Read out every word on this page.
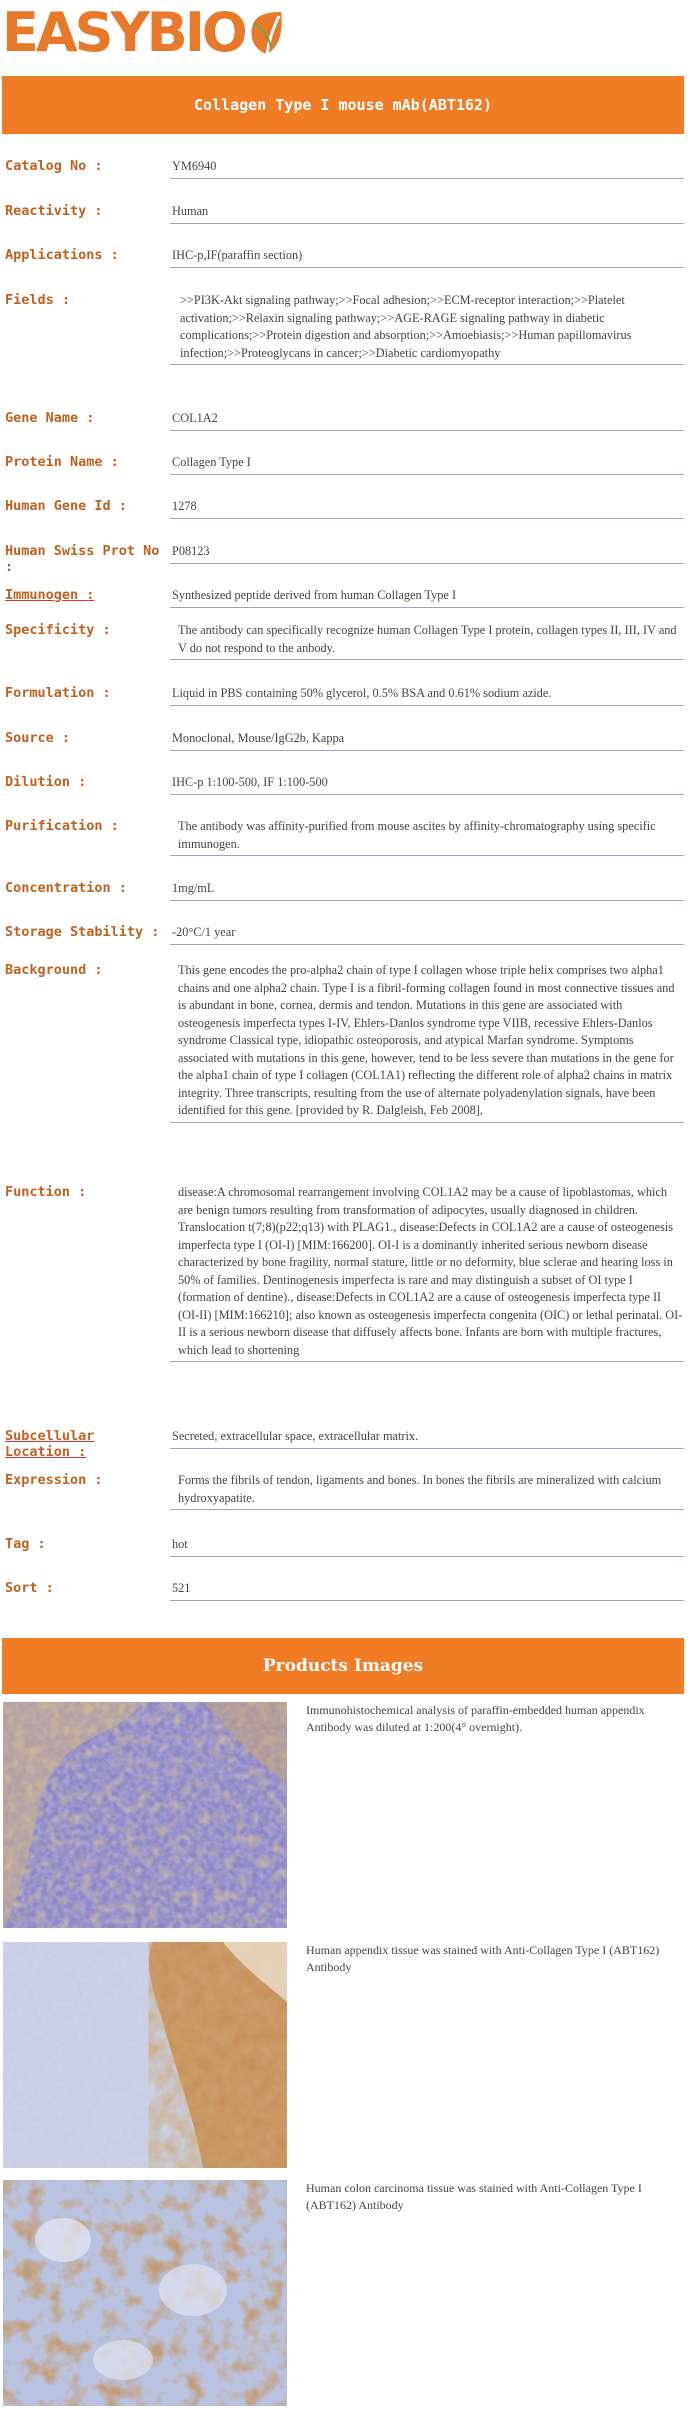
EASYBIO
Collagen Type I mouse mAb(ABT162)
Catalog No :	YM6940
Reactivity :	Human
Applications :	IHC-p,IF(paraffin section)
Fields :	>>PI3K-Akt signaling pathway;>>Focal adhesion;>>ECM-receptor interaction;>>Platelet activation;>>Relaxin signaling pathway;>>AGE-RAGE signaling pathway in diabetic complications;>>Protein digestion and absorption;>>Amoebiasis;>>Human papillomavirus infection;>>Proteoglycans in cancer;>>Diabetic cardiomyopathy
Gene Name :	COL1A2
Protein Name :	Collagen Type I
Human Gene Id :	1278
Human Swiss Prot No :
P08123
Immunogen :	Synthesized peptide derived from human Collagen Type I
Specificity :	The antibody can specifically recognize human Collagen Type I protein, collagen types II, III, IV and V do not respond to the anbody.
Formulation :	Liquid in PBS containing 50% glycerol, 0.5% BSA and 0.61% sodium azide.
Source :	Monoclonal, Mouse/IgG2b, Kappa
Dilution :	IHC-p 1:100-500, IF 1:100-500
Purification :	The antibody was affinity-purified from mouse ascites by affinity-chromatography using specific immunogen.
Concentration :	1mg/mL
Storage Stability :	-20°C/1 year
Background :	This gene encodes the pro-alpha2 chain of type I collagen whose triple helix comprises two alpha1 chains and one alpha2 chain. Type I is a fibril-forming collagen found in most connective tissues and is abundant in bone, cornea, dermis and tendon. Mutations in this gene are associated with osteogenesis imperfecta types I-IV, Ehlers-Danlos syndrome type VIIB, recessive Ehlers-Danlos syndrome Classical type, idiopathic osteoporosis, and atypical Marfan syndrome. Symptoms associated with mutations in this gene, however, tend to be less severe than mutations in the gene for the alpha1 chain of type I collagen (COL1A1) reflecting the different role of alpha2 chains in matrix integrity. Three transcripts, resulting from the use of alternate polyadenylation signals, have been identified for this gene. [provided by R. Dalgleish, Feb 2008],
Function :	disease:A chromosomal rearrangement involving COL1A2 may be a cause of lipoblastomas, which are benign tumors resulting from transformation of adipocytes, usually diagnosed in children. Translocation t(7;8)(p22;q13) with PLAG1., disease:Defects in COL1A2 are a cause of osteogenesis imperfecta type I (OI-I) [MIM:166200]. OI-I is a dominantly inherited serious newborn disease characterized by bone fragility, normal stature, little or no deformity, blue sclerae and hearing loss in 50% of families. Dentinogenesis imperfecta is rare and may distinguish a subset of OI type I (formation of dentine)., disease:Defects in COL1A2 are a cause of osteogenesis imperfecta type II (OI-II) [MIM:166210]; also known as osteogenesis imperfecta congenita (OIC) or lethal perinatal. OI-II is a serious newborn disease that diffusely affects bone. Infants are born with multiple fractures, which lead to shortening
Subcellular Location :
Secreted, extracellular space, extracellular matrix.
Expression :	Forms the fibrils of tendon, ligaments and bones. In bones the fibrils are mineralized with calcium hydroxyapatite.
Tag :	hot
Sort :	521
Products Images
Immunohistochemical analysis of paraffin-embedded human appendix Antibody was diluted at 1:200(4° overnight).
Human appendix tissue was stained with Anti-Collagen Type I (ABT162) Antibody
Human colon carcinoma tissue was stained with Anti-Collagen Type I (ABT162) Antibody
